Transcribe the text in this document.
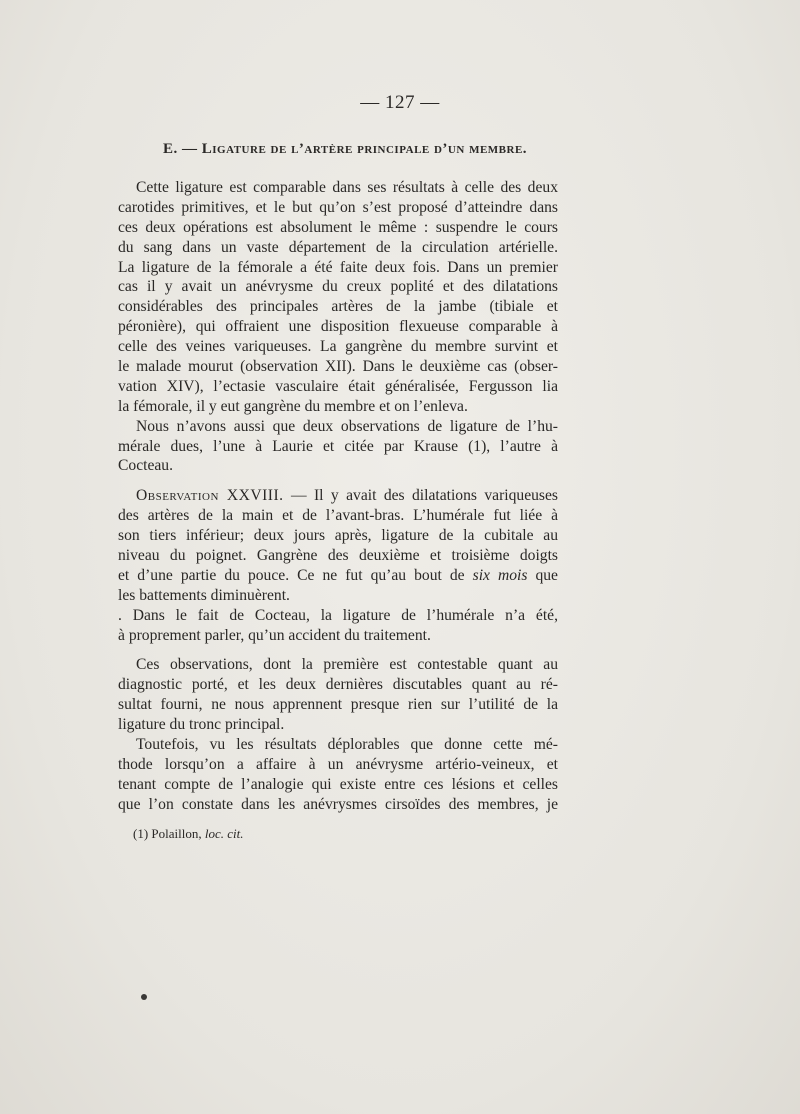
— 127 —
E. — Ligature de l’artère principale d’un membre.
Cette ligature est comparable dans ses résultats à celle des deux
carotides primitives, et le but qu’on s’est proposé d’atteindre dans
ces deux opérations est absolument le même : suspendre le cours
du sang dans un vaste département de la circulation artérielle.
La ligature de la fémorale a été faite deux fois. Dans un premier
cas il y avait un anévrysme du creux poplité et des dilatations
considérables des principales artères de la jambe (tibiale et
péronière), qui offraient une disposition flexueuse comparable à
celle des veines variqueuses. La gangrène du membre survint et
le malade mourut (observation XII). Dans le deuxième cas (obser-
vation XIV), l’ectasie vasculaire était généralisée, Fergusson lia
la fémorale, il y eut gangrène du membre et on l’enleva.
Nous n’avons aussi que deux observations de ligature de l’hu-
mérale dues, l’une à Laurie et citée par Krause (1), l’autre à
Cocteau.
Observation XXVIII. — Il y avait des dilatations variqueuses
des artères de la main et de l’avant-bras. L’humérale fut liée à
son tiers inférieur; deux jours après, ligature de la cubitale au
niveau du poignet. Gangrène des deuxième et troisième doigts
et d’une partie du pouce. Ce ne fut qu’au bout de six mois que
les battements diminuèrent.
. Dans le fait de Cocteau, la ligature de l’humérale n’a été,
à proprement parler, qu’un accident du traitement.
Ces observations, dont la première est contestable quant au
diagnostic porté, et les deux dernières discutables quant au ré-
sultat fourni, ne nous apprennent presque rien sur l’utilité de la
ligature du tronc principal.
Toutefois, vu les résultats déplorables que donne cette mé-
thode lorsqu’on a affaire à un anévrysme artério-veineux, et
tenant compte de l’analogie qui existe entre ces lésions et celles
que l’on constate dans les anévrysmes cirsoïdes des membres, je
(1) Polaillon, loc. cit.
